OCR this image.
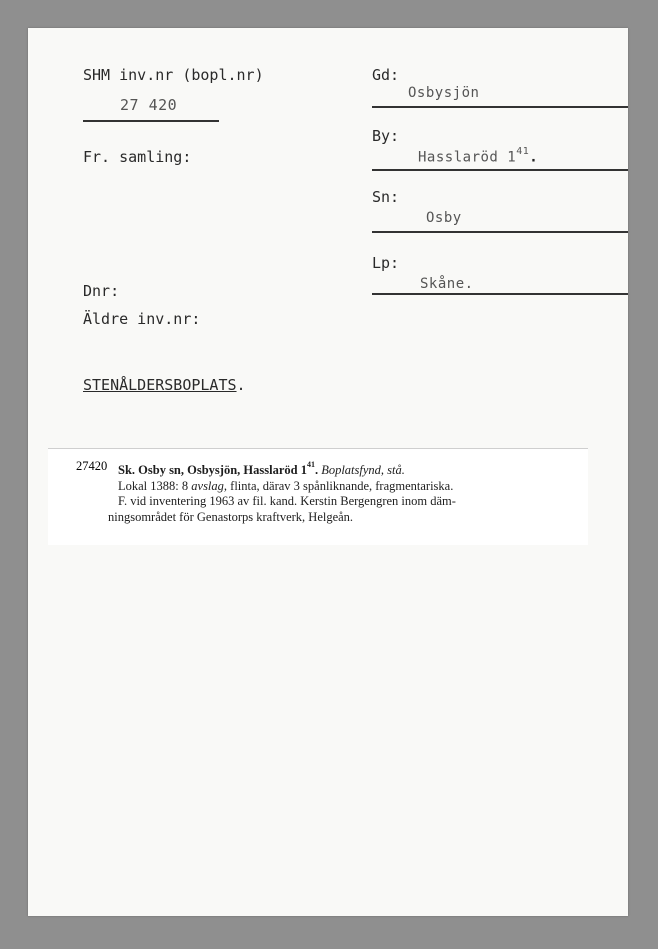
SHM inv.nr (bopl.nr)
27 420
Fr. samling:
Dnr:
Äldre inv.nr:
STENÅLDERSBOPLATS.
Gd:
Osbysjön
By:
Hasslaröd $1^{41}$.
Sn:
Osby
Lp:
Skåne.
27420 Sk. Osby sn, Osbysjön, Hasslaröd $1^{41}$. Boplatsfynd, stå.

Lokal 1388: 8 avslag, flinta, därav 3 spånliknande, fragmentariska.

F. vid inventering 1963 av fil. kand. Kerstin Bergengren inom däm-

ningsområdet för Genastorps kraftverk, Helgeån.
